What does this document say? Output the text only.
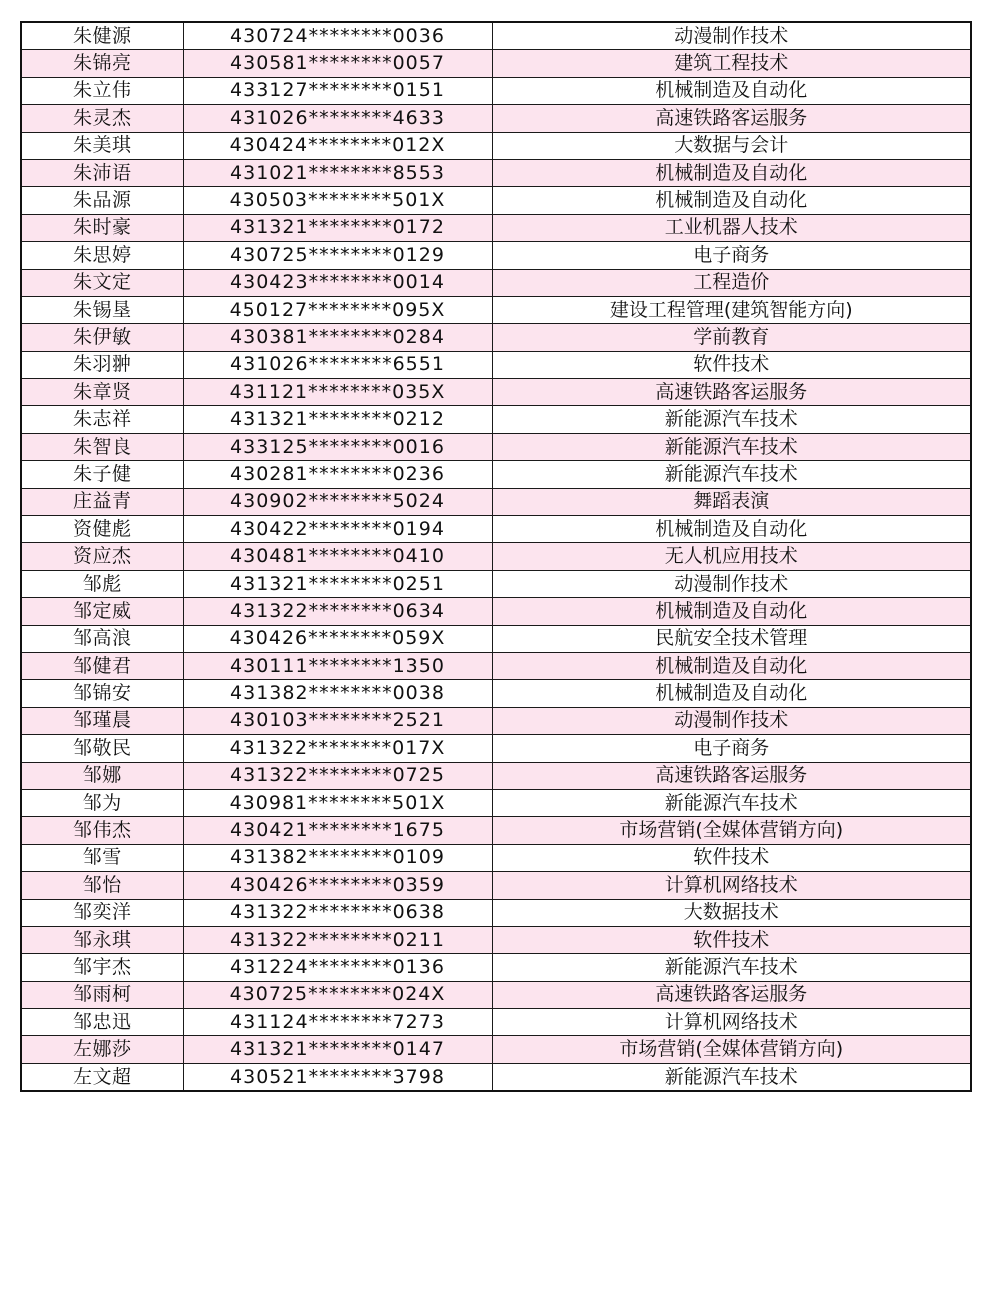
朱健源	430724********0036	动漫制作技术
朱锦亮	430581********0057	建筑工程技术
朱立伟	433127********0151	机械制造及自动化
朱灵杰	431026********4633	高速铁路客运服务
朱美琪	430424********012X	大数据与会计
朱沛语	431021********8553	机械制造及自动化
朱品源	430503********501X	机械制造及自动化
朱时豪	431321********0172	工业机器人技术
朱思婷	430725********0129	电子商务
朱文定	430423********0014	工程造价
朱锡垦	450127********095X	建设工程管理(建筑智能方向)
朱伊敏	430381********0284	学前教育
朱羽翀	431026********6551	软件技术
朱章贤	431121********035X	高速铁路客运服务
朱志祥	431321********0212	新能源汽车技术
朱智良	433125********0016	新能源汽车技术
朱子健	430281********0236	新能源汽车技术
庄益青	430902********5024	舞蹈表演
资健彪	430422********0194	机械制造及自动化
资应杰	430481********0410	无人机应用技术
邹彪	431321********0251	动漫制作技术
邹定威	431322********0634	机械制造及自动化
邹高浪	430426********059X	民航安全技术管理
邹健君	430111********1350	机械制造及自动化
邹锦安	431382********0038	机械制造及自动化
邹瑾晨	430103********2521	动漫制作技术
邹敬民	431322********017X	电子商务
邹娜	431322********0725	高速铁路客运服务
邹为	430981********501X	新能源汽车技术
邹伟杰	430421********1675	市场营销(全媒体营销方向)
邹雪	431382********0109	软件技术
邹怡	430426********0359	计算机网络技术
邹奕洋	431322********0638	大数据技术
邹永琪	431322********0211	软件技术
邹宇杰	431224********0136	新能源汽车技术
邹雨柯	430725********024X	高速铁路客运服务
邹忠迅	431124********7273	计算机网络技术
左娜莎	431321********0147	市场营销(全媒体营销方向)
左文超	430521********3798	新能源汽车技术
